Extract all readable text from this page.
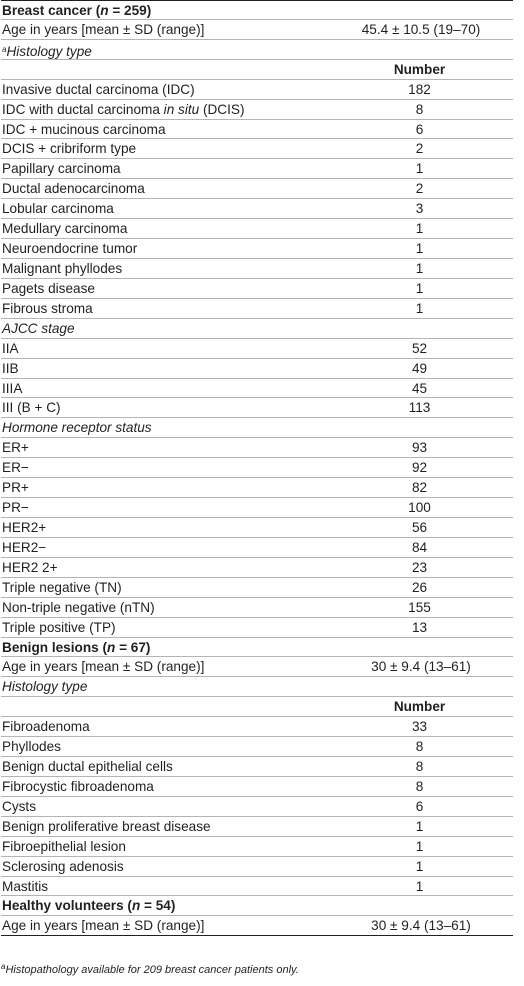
Breast cancer (n = 259)
Age in years [mean ± SD (range)]	45.4 ± 10.5 (19–70)
$^a$Histology type
Number
Invasive ductal carcinoma (IDC)	182
IDC with ductal carcinoma in situ (DCIS)	8
IDC + mucinous carcinoma	6
DCIS + cribriform type	2
Papillary carcinoma	1
Ductal adenocarcinoma	2
Lobular carcinoma	3
Medullary carcinoma	1
Neuroendocrine tumor	1
Malignant phyllodes	1
Pagets disease	1
Fibrous stroma	1
AJCC stage
IIA	52
IIB	49
IIIA	45
III (B + C)	113
Hormone receptor status
ER+	93
ER−	92
PR+	82
PR−	100
HER2+	56
HER2−	84
HER2 2+	23
Triple negative (TN)	26
Non-triple negative (nTN)	155
Triple positive (TP)	13
Benign lesions (n = 67)
Age in years [mean ± SD (range)]	30 ± 9.4 (13–61)
Histology type
Number
Fibroadenoma	33
Phyllodes	8
Benign ductal epithelial cells	8
Fibrocystic fibroadenoma	8
Cysts	6
Benign proliferative breast disease	1
Fibroepithelial lesion	1
Sclerosing adenosis	1
Mastitis	1
Healthy volunteers (n = 54)
Age in years [mean ± SD (range)]	30 ± 9.4 (13–61)
$^a$Histopathology available for 209 breast cancer patients only.
